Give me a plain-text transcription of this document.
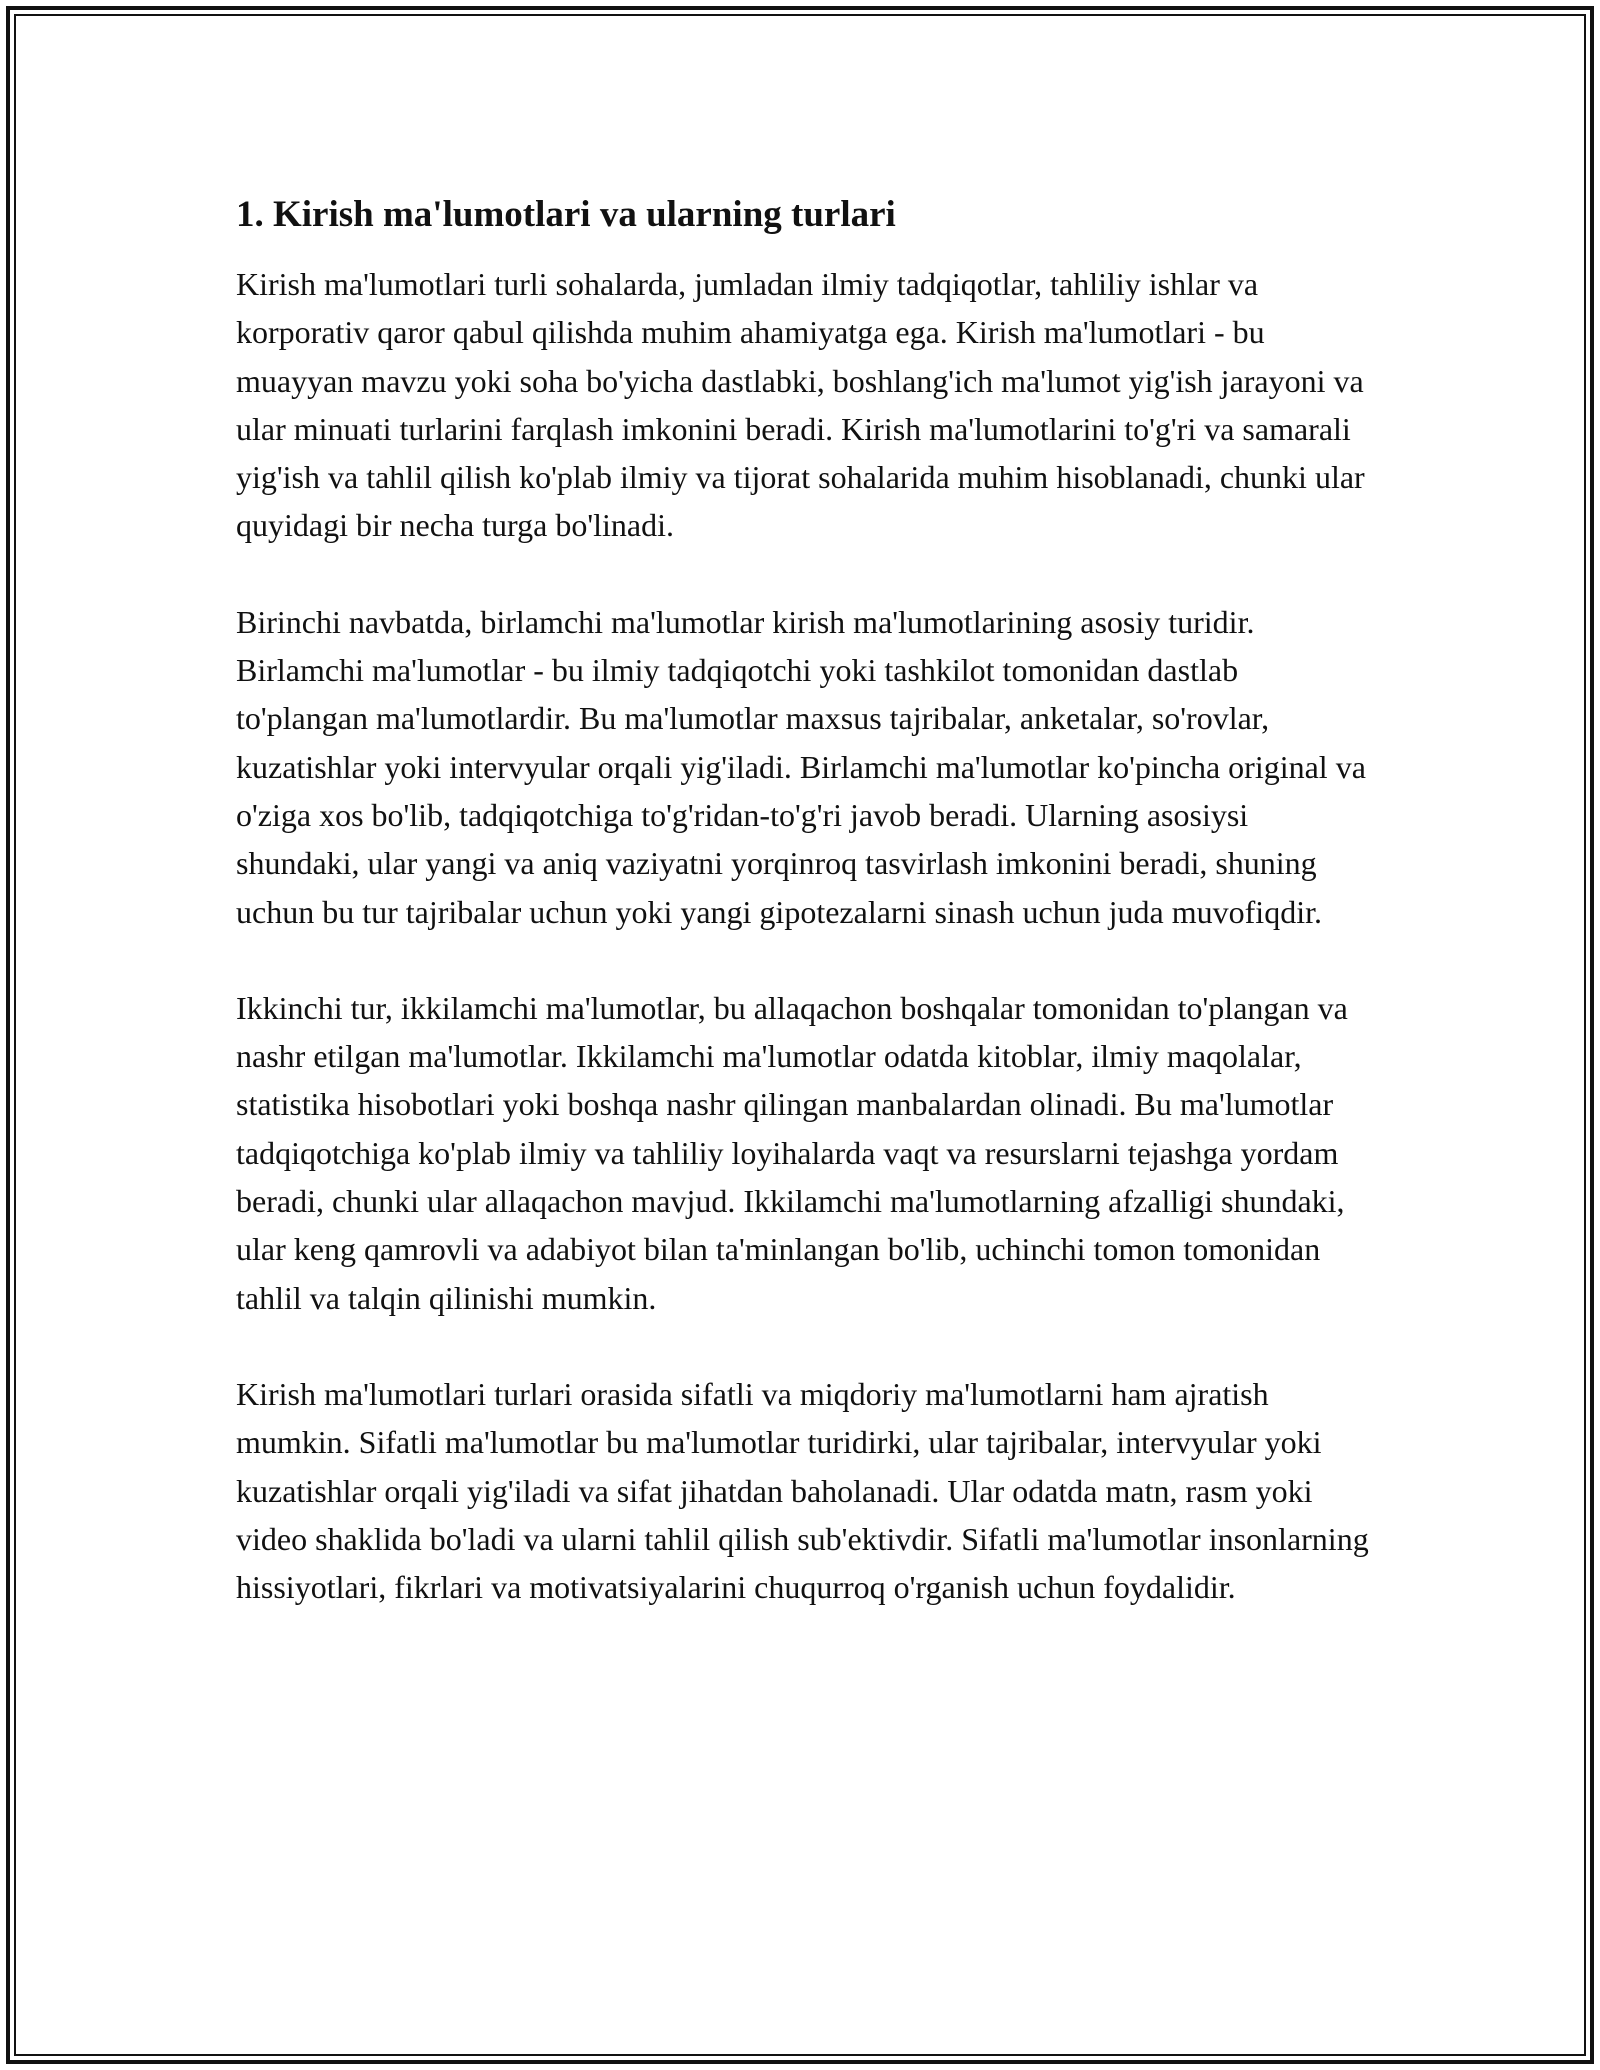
1. Kirish ma'lumotlari va ularning turlari

Kirish ma'lumotlari turli sohalarda, jumladan ilmiy tadqiqotlar, tahliliy ishlar va korporativ qaror qabul qilishda muhim ahamiyatga ega. Kirish ma'lumotlari - bu muayyan mavzu yoki soha bo'yicha dastlabki, boshlang'ich ma'lumot yig'ish jarayoni va ular minuati turlarini farqlash imkonini beradi. Kirish ma'lumotlarini to'g'ri va samarali yig'ish va tahlil qilish ko'plab ilmiy va tijorat sohalarida muhim hisoblanadi, chunki ular quyidagi bir necha turga bo'linadi.

Birinchi navbatda, birlamchi ma'lumotlar kirish ma'lumotlarining asosiy turidir. Birlamchi ma'lumotlar - bu ilmiy tadqiqotchi yoki tashkilot tomonidan dastlab to'plangan ma'lumotlardir. Bu ma'lumotlar maxsus tajribalar, anketalar, so'rovlar, kuzatishlar yoki intervyular orqali yig'iladi. Birlamchi ma'lumotlar ko'pincha original va o'ziga xos bo'lib, tadqiqotchiga to'g'ridan-to'g'ri javob beradi. Ularning asosiysi shundaki, ular yangi va aniq vaziyatni yorqinroq tasvirlash imkonini beradi, shuning uchun bu tur tajribalar uchun yoki yangi gipotezalarni sinash uchun juda muvofiqdir.

Ikkinchi tur, ikkilamchi ma'lumotlar, bu allaqachon boshqalar tomonidan to'plangan va nashr etilgan ma'lumotlar. Ikkilamchi ma'lumotlar odatda kitoblar, ilmiy maqolalar, statistika hisobotlari yoki boshqa nashr qilingan manbalardan olinadi. Bu ma'lumotlar tadqiqotchiga ko'plab ilmiy va tahliliy loyihalarda vaqt va resurslarni tejashga yordam beradi, chunki ular allaqachon mavjud. Ikkilamchi ma'lumotlarning afzalligi shundaki, ular keng qamrovli va adabiyot bilan ta'minlangan bo'lib, uchinchi tomon tomonidan tahlil va talqin qilinishi mumkin.

Kirish ma'lumotlari turlari orasida sifatli va miqdoriy ma'lumotlarni ham ajratish mumkin. Sifatli ma'lumotlar bu ma'lumotlar turidirki, ular tajribalar, intervyular yoki kuzatishlar orqali yig'iladi va sifat jihatdan baholanadi. Ular odatda matn, rasm yoki video shaklida bo'ladi va ularni tahlil qilish sub'ektivdir. Sifatli ma'lumotlar insonlarning hissiyotlari, fikrlari va motivatsiyalarini chuqurroq o'rganish uchun foydalidir.
